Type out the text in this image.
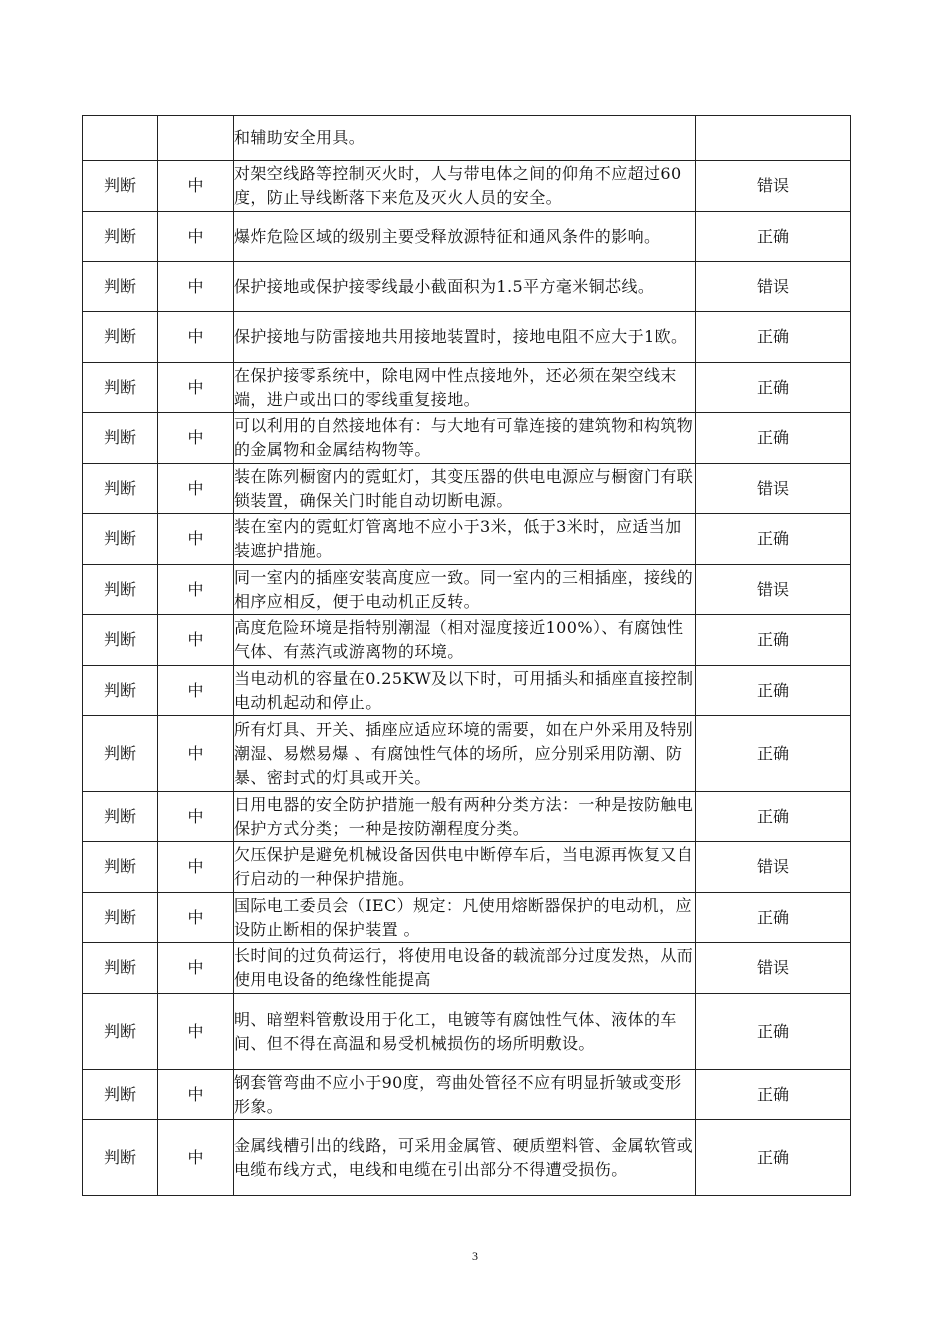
		和辅助安全用具。	
判断	中	对架空线路等控制灭火时，人与带电体之间的仰角不应超过60度，防止导线断落下来危及灭火人员的安全。	错误
判断	中	爆炸危险区域的级别主要受释放源特征和通风条件的影响。	正确
判断	中	保护接地或保护接零线最小截面积为1.5平方毫米铜芯线。	错误
判断	中	保护接地与防雷接地共用接地装置时，接地电阻不应大于1欧。	正确
判断	中	在保护接零系统中，除电网中性点接地外，还必须在架空线末端，进户或出口的零线重复接地。	正确
判断	中	可以利用的自然接地体有：与大地有可靠连接的建筑物和构筑物的金属物和金属结构物等。	正确
判断	中	装在陈列橱窗内的霓虹灯，其变压器的供电电源应与橱窗门有联锁装置，确保关门时能自动切断电源。	错误
判断	中	装在室内的霓虹灯管离地不应小于3米，低于3米时，应适当加装遮护措施。	正确
判断	中	同一室内的插座安装高度应一致。同一室内的三相插座，接线的相序应相反，便于电动机正反转。	错误
判断	中	高度危险环境是指特别潮湿（相对湿度接近100%）、有腐蚀性气体、有蒸汽或游离物的环境。	正确
判断	中	当电动机的容量在0.25KW及以下时，可用插头和插座直接控制电动机起动和停止。	正确
判断	中	所有灯具、开关、插座应适应环境的需要，如在户外采用及特别潮湿、易燃易爆 、有腐蚀性气体的场所，应分别采用防潮、防暴、密封式的灯具或开关。	正确
判断	中	日用电器的安全防护措施一般有两种分类方法：一种是按防触电保护方式分类；一种是按防潮程度分类。	正确
判断	中	欠压保护是避免机械设备因供电中断停车后，当电源再恢复又自行启动的一种保护措施。	错误
判断	中	国际电工委员会（IEC）规定：凡使用熔断器保护的电动机，应设防止断相的保护装置 。	正确
判断	中	长时间的过负荷运行，将使用电设备的载流部分过度发热，从而使用电设备的绝缘性能提高	错误
判断	中	明、暗塑料管敷设用于化工，电镀等有腐蚀性气体、液体的车间、但不得在高温和易受机械损伤的场所明敷设。	正确
判断	中	钢套管弯曲不应小于90度，弯曲处管径不应有明显折皱或变形形象。	正确
判断	中	金属线槽引出的线路，可采用金属管、硬质塑料管、金属软管或电缆布线方式，电线和电缆在引出部分不得遭受损伤。	正确
3
